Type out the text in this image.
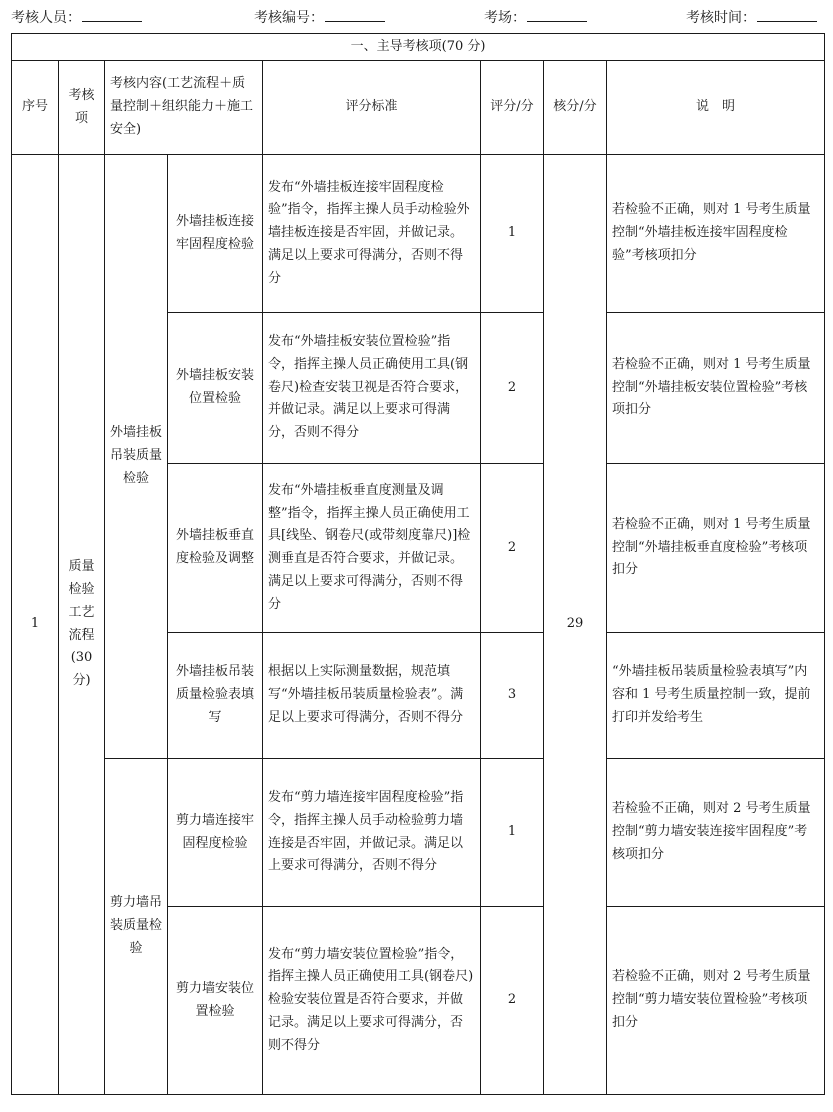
考核人员：	考核编号：	考场：	考核时间：
一、主导考核项(70 分)							
序号	考核项	考核内容(工艺流程＋质量控制＋组织能力＋施工安全)		评分标准	评分/分	核分/分	说　明
1	质量检验工艺流程(30 分)	外墙挂板吊装质量检验	外墙挂板连接牢固程度检验	发布“外墙挂板连接牢固程度检验”指令，指挥主操人员手动检验外墙挂板连接是否牢固，并做记录。满足以上要求可得满分，否则不得分	1	29	若检验不正确，则对 1 号考生质量控制“外墙挂板连接牢固程度检验”考核项扣分
			外墙挂板安装位置检验	发布“外墙挂板安装位置检验”指令，指挥主操人员正确使用工具(钢卷尺)检查安装卫视是否符合要求，并做记录。满足以上要求可得满分，否则不得分	2		若检验不正确，则对 1 号考生质量控制“外墙挂板安装位置检验”考核项扣分
			外墙挂板垂直度检验及调整	发布“外墙挂板垂直度测量及调整”指令，指挥主操人员正确使用工具[线坠、钢卷尺(或带刻度靠尺)]检测垂直是否符合要求，并做记录。满足以上要求可得满分，否则不得分	2		若检验不正确，则对 1 号考生质量控制“外墙挂板垂直度检验”考核项扣分
			外墙挂板吊装质量检验表填写	根据以上实际测量数据，规范填写“外墙挂板吊装质量检验表”。满足以上要求可得满分，否则不得分	3		“外墙挂板吊装质量检验表填写”内容和 1 号考生质量控制一致，提前打印并发给考生
		剪力墙吊装质量检验	剪力墙连接牢固程度检验	发布“剪力墙连接牢固程度检验”指令，指挥主操人员手动检验剪力墙连接是否牢固，并做记录。满足以上要求可得满分，否则不得分	1		若检验不正确，则对 2 号考生质量控制“剪力墙安装连接牢固程度”考核项扣分
			剪力墙安装位置检验	发布“剪力墙安装位置检验”指令，指挥主操人员正确使用工具(钢卷尺)检验安装位置是否符合要求，并做记录。满足以上要求可得满分，否则不得分	2		若检验不正确，则对 2 号考生质量控制“剪力墙安装位置检验”考核项扣分
